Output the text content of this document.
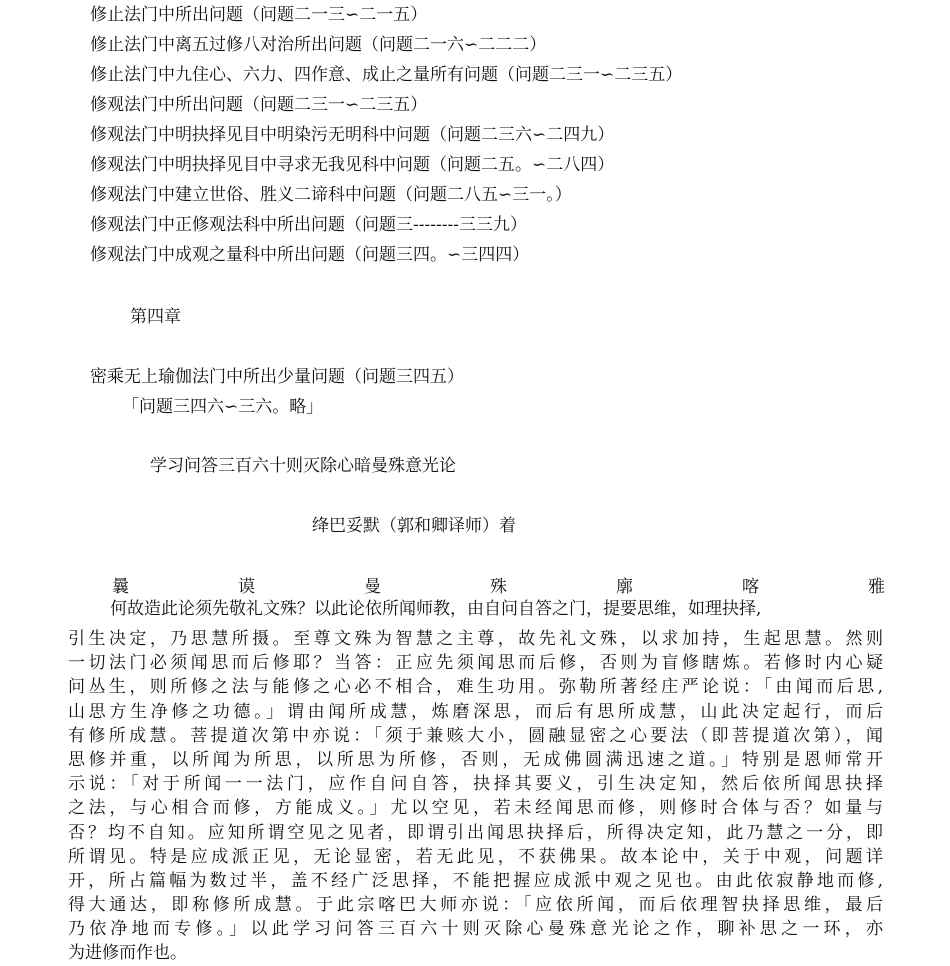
修止法门中所出问题（问题二一三∽二一五）
修止法门中离五过修八对治所出问题（问题二一六∽二二二）
修止法门中九住心、六力、四作意、成止之量所有问题（问题二三一∽二三五）
修观法门中所出问题（问题二三一∽二三五）
修观法门中明抉择见目中明染污无明科中问题（问题二三六∽二四九）
修观法门中明抉择见目中寻求无我见科中问题（问题二五。∽二八四）
修观法门中建立世俗、胜义二谛科中问题（问题二八五∽三一。）
修观法门中正修观法科中所出问题（问题三--------三三九）
修观法门中成观之量科中所出问题（问题三四。∽三四四）
第四章
密乘无上瑜伽法门中所出少量问题（问题三四五）
「问题三四六∽三六。略」
学习问答三百六十则灭除心暗曼殊意光论
绛巴妥默（郭和卿译师）着
曩	谟	曼	殊	廓	喀	雅
何故造此论须先敬礼文殊？以此论依所闻师教，由自问自答之门，提要思维，如理抉择,
引生决定，乃思慧所摄。至尊文殊为智慧之主尊，故先礼文殊，以求加持，生起思慧。然则
一切法门必须闻思而后修耶？当答：正应先须闻思而后修，否则为盲修瞎炼。若修时内心疑
问丛生，则所修之法与能修之心必不相合，难生功用。弥勒所著经庄严论说：「由闻而后思,
山思方生净修之功德。」谓由闻所成慧，炼磨深思，而后有思所成慧，山此决定起行，而后
有修所成慧。菩提道次第中亦说：「须于兼赅大小，圆融显密之心要法（即菩提道次第），闻
思修并重，以所闻为所思，以所思为所修，否则，无成佛圆满迅速之道。」特别是恩师常开
示说：「对于所闻一一法门，应作自问自答，抉择其要义，引生决定知，然后依所闻思抉择
之法，与心相合而修，方能成义。」尤以空见，若未经闻思而修，则修时合体与否？如量与
否？均不自知。应知所谓空见之见者，即谓引出闻思抉择后，所得决定知，此乃慧之一分，即
所谓见。特是应成派正见，无论显密，若无此见，不获佛果。故本论中，关于中观，问题详
开，所占篇幅为数过半，盖不经广泛思择，不能把握应成派中观之见也。由此依寂静地而修,
得大通达，即称修所成慧。于此宗喀巴大师亦说：「应依所闻，而后依理智抉择思维，最后
乃依净地而专修。」以此学习问答三百六十则灭除心曼殊意光论之作，聊补思之一环，亦
为进修而作也。
